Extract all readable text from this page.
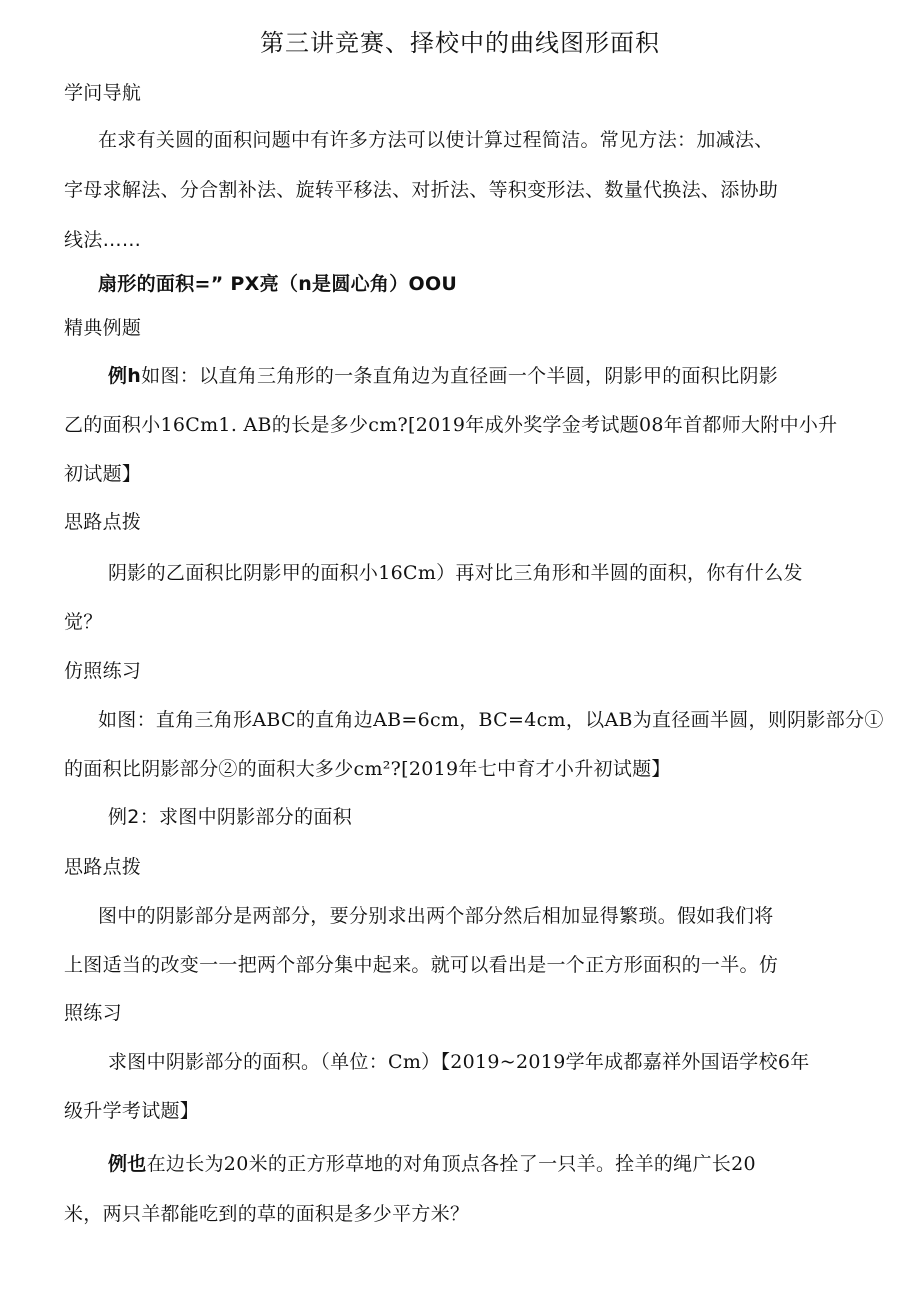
第三讲竞赛、择校中的曲线图形面积
学问导航
在求有关圆的面积问题中有许多方法可以使计算过程简洁。常见方法：加减法、
字母求解法、分合割补法、旋转平移法、对折法、等积变形法、数量代换法、添协助
线法……
扇形的面积=” PX亮（n是圆心角）OOU
精典例题
例h如图：以直角三角形的一条直角边为直径画一个半圆，阴影甲的面积比阴影
乙的面积小16Cm1. AB的长是多少cm?[2019年成外奖学金考试题08年首都师大附中小升
初试题】
思路点拨
阴影的乙面积比阴影甲的面积小16Cm）再对比三角形和半圆的面积，你有什么发
觉？
仿照练习
如图：直角三角形ABC的直角边AB=6cm，BC=4cm，以AB为直径画半圆，则阴影部分①
的面积比阴影部分②的面积大多少cm²?[2019年七中育才小升初试题】
例2：求图中阴影部分的面积
思路点拨
图中的阴影部分是两部分，要分别求出两个部分然后相加显得繁琐。假如我们将
上图适当的改变一一把两个部分集中起来。就可以看出是一个正方形面积的一半。仿
照练习
求图中阴影部分的面积。（单位：Cm）【2019~2019学年成都嘉祥外国语学校6年
级升学考试题】
例也在边长为20米的正方形草地的对角顶点各拴了一只羊。拴羊的绳广长20
米，两只羊都能吃到的草的面积是多少平方米？
